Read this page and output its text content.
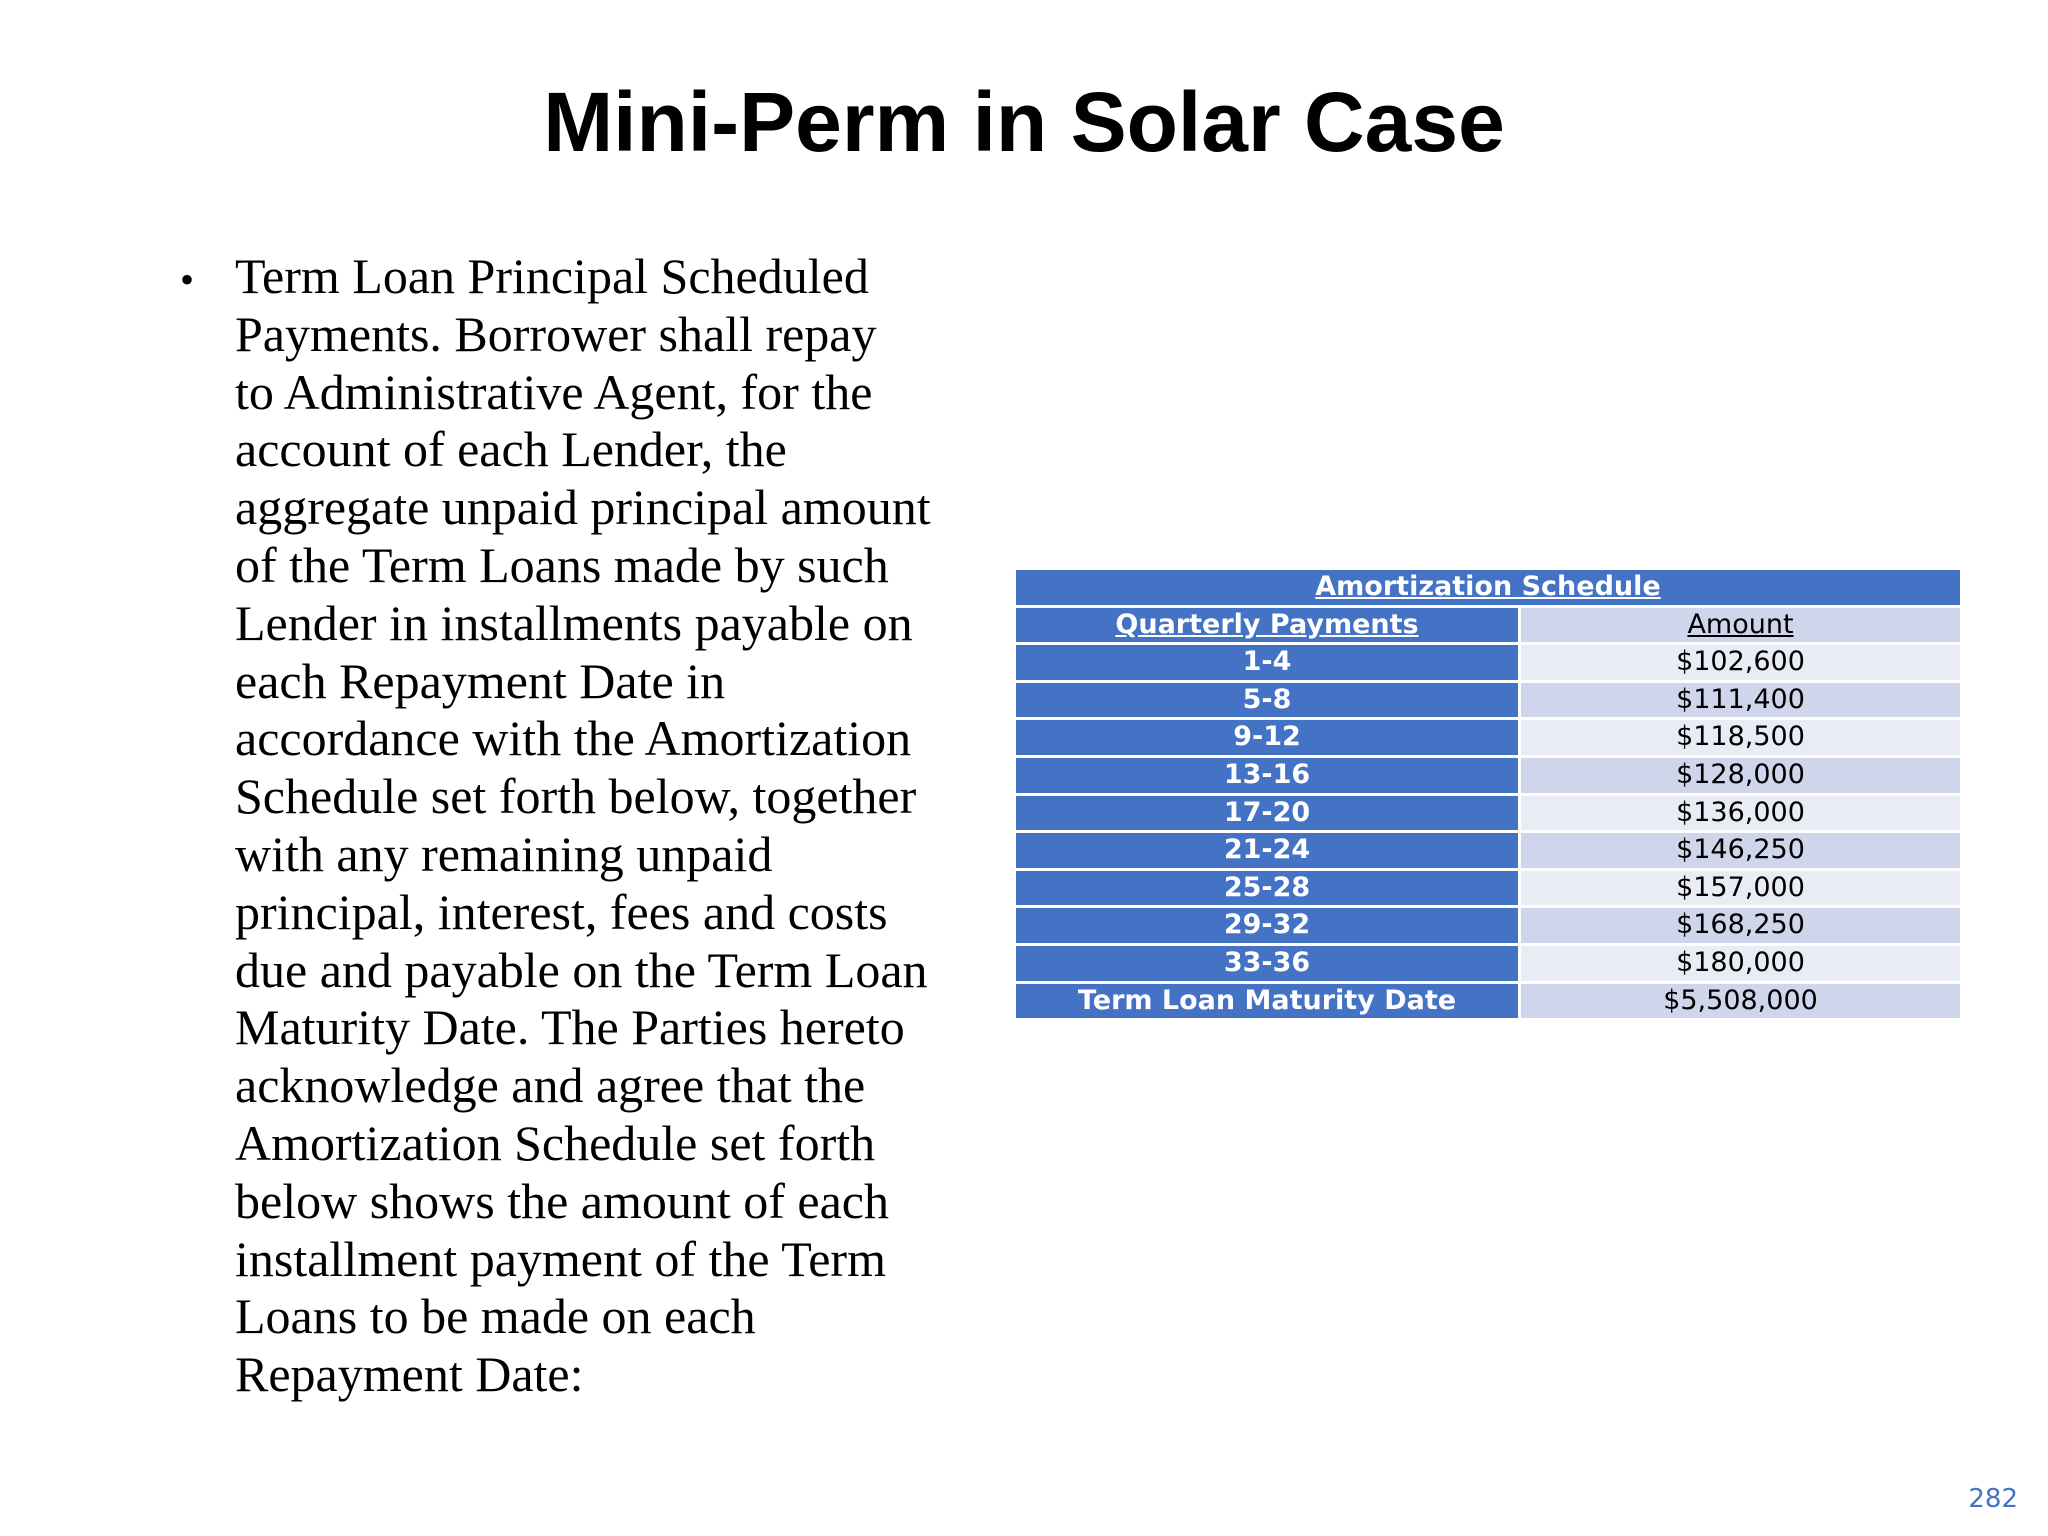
Mini-Perm in Solar Case
• Term Loan Principal Scheduled
Payments. Borrower shall repay
to Administrative Agent, for the
account of each Lender, the
aggregate unpaid principal amount
of the Term Loans made by such
Lender in installments payable on
each Repayment Date in
accordance with the Amortization
Schedule set forth below, together
with any remaining unpaid
principal, interest, fees and costs
due and payable on the Term Loan
Maturity Date. The Parties hereto
acknowledge and agree that the
Amortization Schedule set forth
below shows the amount of each
installment payment of the Term
Loans to be made on each
Repayment Date:
Amortization Schedule	
Quarterly Payments	Amount
1-4	$102,600
5-8	$111,400
9-12	$118,500
13-16	$128,000
17-20	$136,000
21-24	$146,250
25-28	$157,000
29-32	$168,250
33-36	$180,000
Term Loan Maturity Date	$5,508,000
282
